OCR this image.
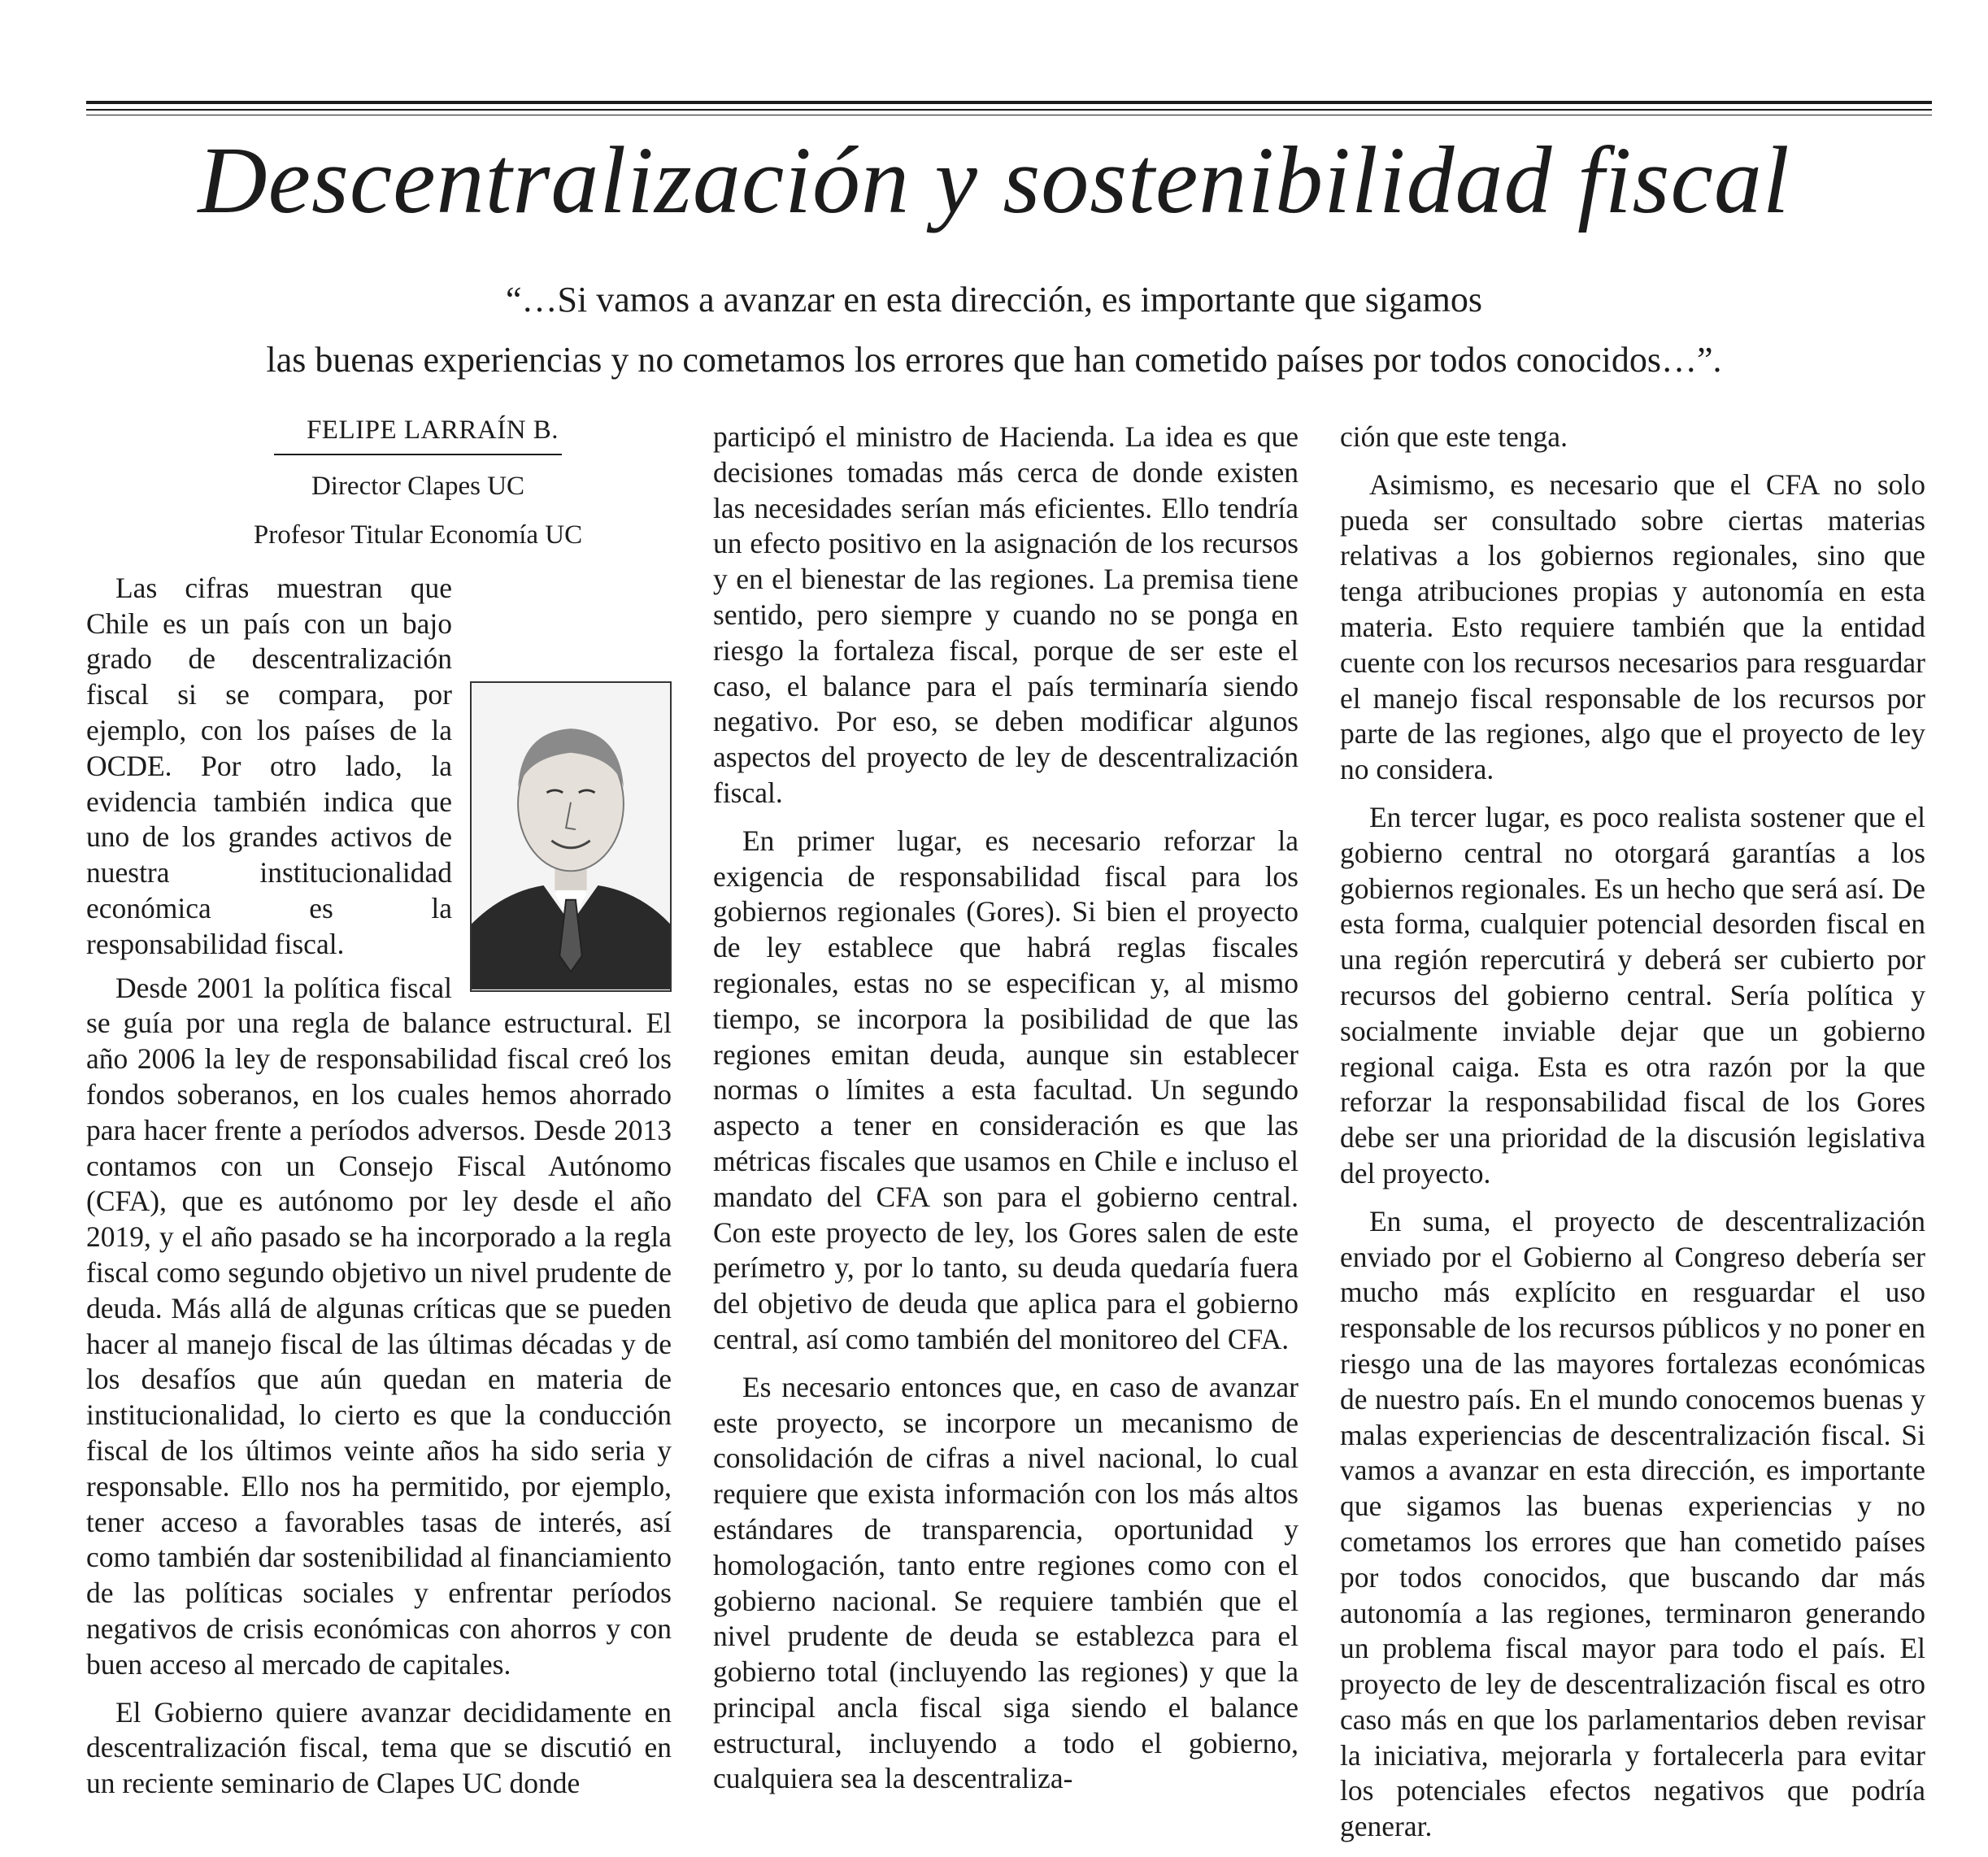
Descentralización y sostenibilidad fiscal
“…Si vamos a avanzar en esta dirección, es importante que sigamos
las buenas experiencias y no cometamos los errores que han cometido países por todos conocidos…”.

FELIPE LARRAÍN B.

Director Clapes UC

Profesor Titular Economía UC

Las cifras muestran que Chile es un país con un bajo grado de descentralización fiscal si se compara, por ejemplo, con los países de la OCDE. Por otro lado, la evidencia también indica que uno de los grandes activos de nuestra institucionalidad económica es la responsabilidad fiscal.

Desde 2001 la política fiscal se guía por una regla de balance estructural. El año 2006 la ley de responsabilidad fiscal creó los fondos soberanos, en los cuales hemos ahorrado para hacer frente a períodos adversos. Desde 2013 contamos con un Consejo Fiscal Autónomo (CFA), que es autónomo por ley desde el año 2019, y el año pasado se ha incorporado a la regla fiscal como segundo objetivo un nivel prudente de deuda. Más allá de algunas críticas que se pueden hacer al manejo fiscal de las últimas décadas y de los desafíos que aún quedan en materia de institucionalidad, lo cierto es que la conducción fiscal de los últimos veinte años ha sido seria y responsable. Ello nos ha permitido, por ejemplo, tener acceso a favorables tasas de interés, así como también dar sostenibilidad al financiamiento de las políticas sociales y enfrentar períodos negativos de crisis económicas con ahorros y con buen acceso al mercado de capitales.

El Gobierno quiere avanzar decididamente en descentralización fiscal, tema que se discutió en un reciente seminario de Clapes UC donde

participó el ministro de Hacienda. La idea es que decisiones tomadas más cerca de donde existen las necesidades serían más eficientes. Ello tendría un efecto positivo en la asignación de los recursos y en el bienestar de las regiones. La premisa tiene sentido, pero siempre y cuando no se ponga en riesgo la fortaleza fiscal, porque de ser este el caso, el balance para el país terminaría siendo negativo. Por eso, se deben modificar algunos aspectos del proyecto de ley de descentralización fiscal.

En primer lugar, es necesario reforzar la exigencia de responsabilidad fiscal para los gobiernos regionales (Gores). Si bien el proyecto de ley establece que habrá reglas fiscales regionales, estas no se especifican y, al mismo tiempo, se incorpora la posibilidad de que las regiones emitan deuda, aunque sin establecer normas o límites a esta facultad. Un segundo aspecto a tener en consideración es que las métricas fiscales que usamos en Chile e incluso el mandato del CFA son para el gobierno central. Con este proyecto de ley, los Gores salen de este perímetro y, por lo tanto, su deuda quedaría fuera del objetivo de deuda que aplica para el gobierno central, así como también del monitoreo del CFA.

Es necesario entonces que, en caso de avanzar este proyecto, se incorpore un mecanismo de consolidación de cifras a nivel nacional, lo cual requiere que exista información con los más altos estándares de transparencia, oportunidad y homologación, tanto entre regiones como con el gobierno nacional. Se requiere también que el nivel prudente de deuda se establezca para el gobierno total (incluyendo las regiones) y que la principal ancla fiscal siga siendo el balance estructural, incluyendo a todo el gobierno, cualquiera sea la descentraliza-

ción que este tenga.

Asimismo, es necesario que el CFA no solo pueda ser consultado sobre ciertas materias relativas a los gobiernos regionales, sino que tenga atribuciones propias y autonomía en esta materia. Esto requiere también que la entidad cuente con los recursos necesarios para resguardar el manejo fiscal responsable de los recursos por parte de las regiones, algo que el proyecto de ley no considera.

En tercer lugar, es poco realista sostener que el gobierno central no otorgará garantías a los gobiernos regionales. Es un hecho que será así. De esta forma, cualquier potencial desorden fiscal en una región repercutirá y deberá ser cubierto por recursos del gobierno central. Sería política y socialmente inviable dejar que un gobierno regional caiga. Esta es otra razón por la que reforzar la responsabilidad fiscal de los Gores debe ser una prioridad de la discusión legislativa del proyecto.

En suma, el proyecto de descentralización enviado por el Gobierno al Congreso debería ser mucho más explícito en resguardar el uso responsable de los recursos públicos y no poner en riesgo una de las mayores fortalezas económicas de nuestro país. En el mundo conocemos buenas y malas experiencias de descentralización fiscal. Si vamos a avanzar en esta dirección, es importante que sigamos las buenas experiencias y no cometamos los errores que han cometido países por todos conocidos, que buscando dar más autonomía a las regiones, terminaron generando un problema fiscal mayor para todo el país. El proyecto de ley de descentralización fiscal es otro caso más en que los parlamentarios deben revisar la iniciativa, mejorarla y fortalecerla para evitar los potenciales efectos negativos que podría generar.
